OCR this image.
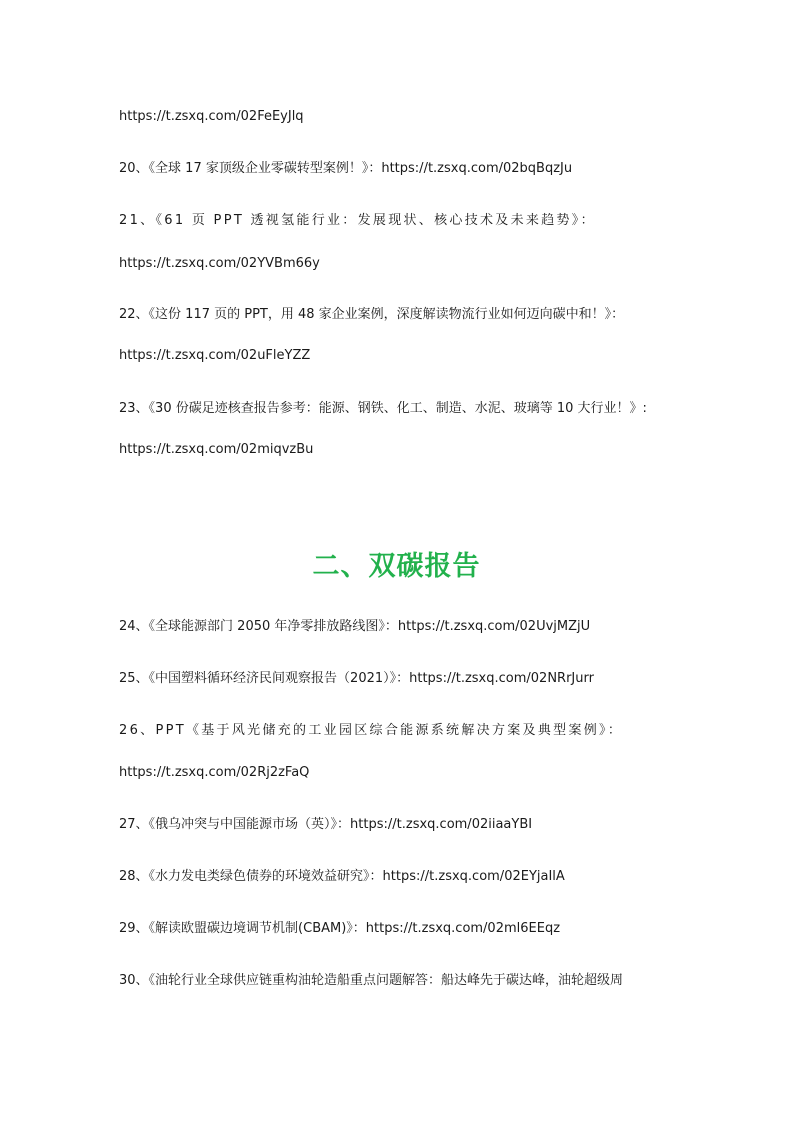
https://t.zsxq.com/02FeEyJlq
20、《全球 17 家顶级企业零碳转型案例！》：https://t.zsxq.com/02bqBqzJu
21、《61 页 PPT 透视氢能行业：发展现状、核心技术及未来趋势》：
https://t.zsxq.com/02YVBm66y
22、《这份 117 页的 PPT，用 48 家企业案例，深度解读物流行业如何迈向碳中和！》：
https://t.zsxq.com/02uFleYZZ
23、《30 份碳足迹核查报告参考：能源、钢铁、化工、制造、水泥、玻璃等 10 大行业！》:
https://t.zsxq.com/02miqvzBu
二、双碳报告
24、《全球能源部门 2050 年净零排放路线图》：https://t.zsxq.com/02UvjMZjU
25、《中国塑料循环经济民间观察报告（2021）》：https://t.zsxq.com/02NRrJurr
26、PPT《基于风光储充的工业园区综合能源系统解决方案及典型案例》：
https://t.zsxq.com/02Rj2zFaQ
27、《俄乌冲突与中国能源市场（英）》：https://t.zsxq.com/02iiaaYBI
28、《水力发电类绿色债券的环境效益研究》：https://t.zsxq.com/02EYjaIlA
29、《解读欧盟碳边境调节机制(CBAM)》：https://t.zsxq.com/02ml6EEqz
30、《油轮行业全球供应链重构油轮造船重点问题解答：船达峰先于碳达峰，油轮超级周
